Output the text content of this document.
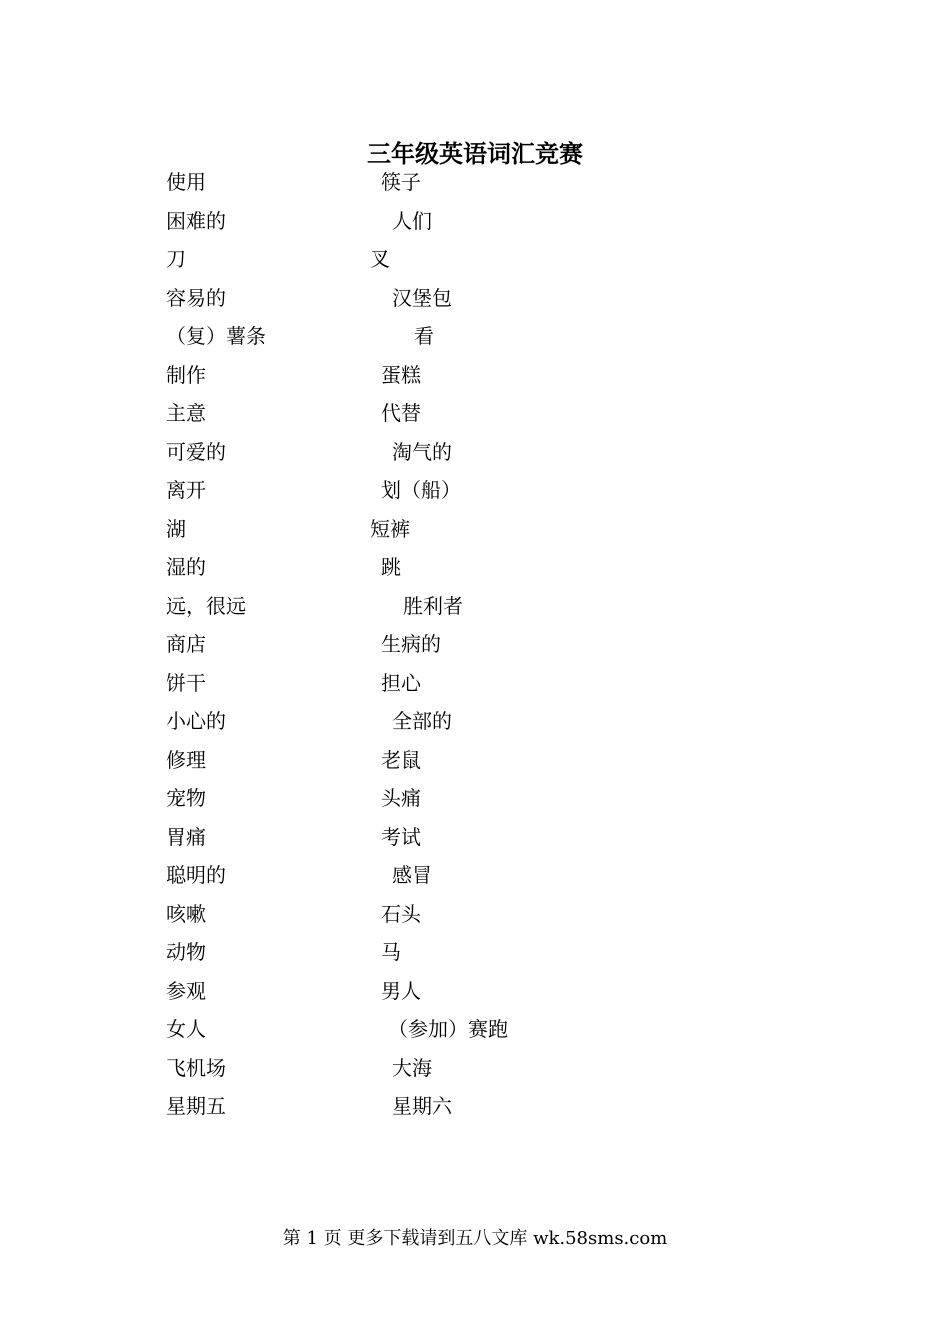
三年级英语词汇竞赛
使用	筷子
困难的	人们
刀	叉
容易的	汉堡包
（复）薯条	看
制作	蛋糕
主意	代替
可爱的	淘气的
离开	划（船）
湖	短裤
湿的	跳
远，很远	胜利者
商店	生病的
饼干	担心
小心的	全部的
修理	老鼠
宠物	头痛
胃痛	考试
聪明的	感冒
咳嗽	石头
动物	马
参观	男人
女人	（参加）赛跑
飞机场	大海
星期五	星期六
第 1 页 更多下载请到五八文库 wk.58sms.com
